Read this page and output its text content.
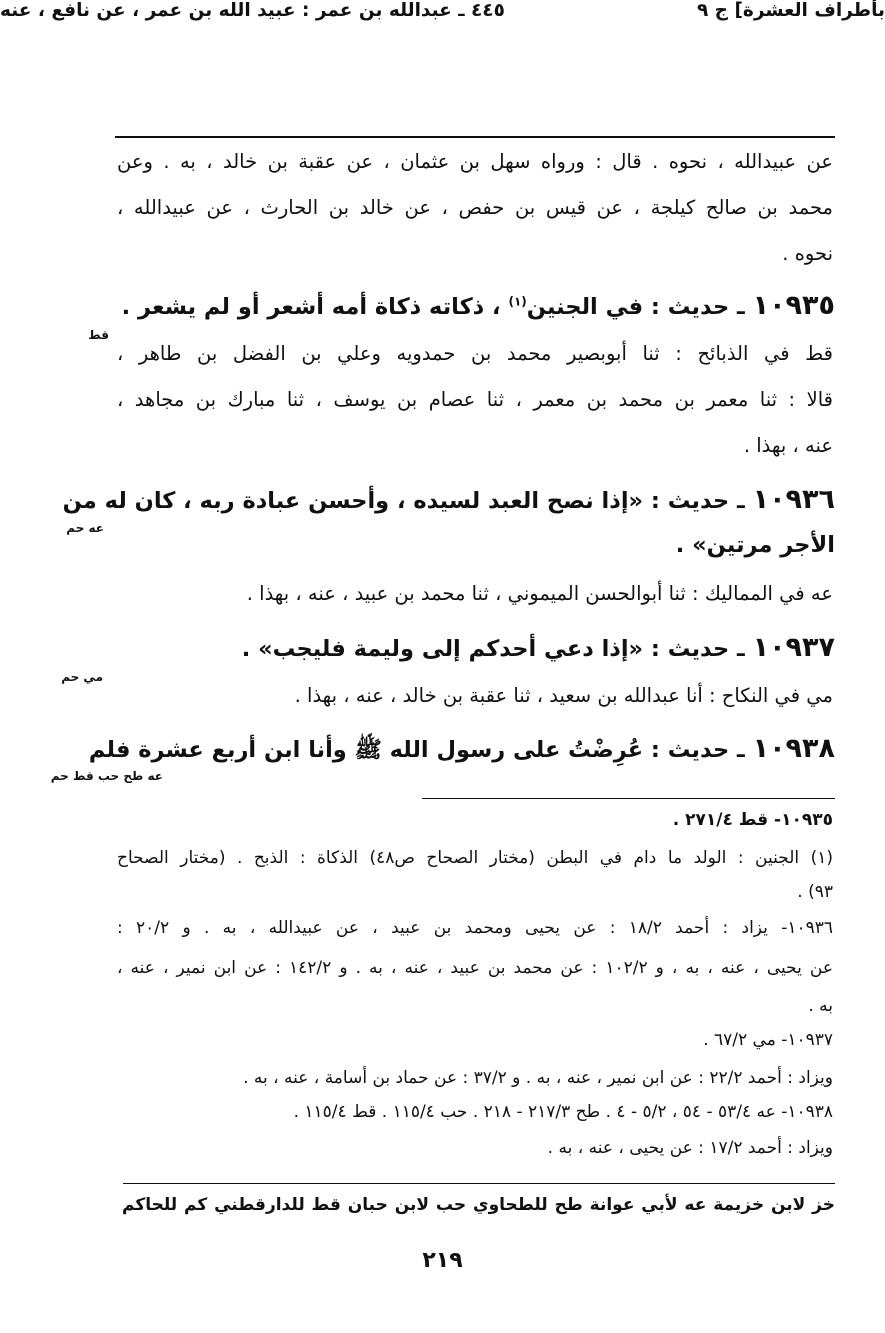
بأطراف العشرة] ج ٩
٤٤٥ ـ عبدالله بن عمر : عبيد الله بن عمر ، عن نافع ، عنه
عن عبيدالله ، نحوه . قال : ورواه سهل بن عثمان ، عن عقبة بن خالد ، به . وعن
محمد بن صالح كيلجة ، عن قيس بن حفص ، عن خالد بن الحارث ، عن عبيدالله ،
نحوه .
١٠٩٣٥ ـ حديث : في الجنين$^{(١)}$ ، ذكاته ذكاة أمه أشعر أو لم يشعر .
قط
قط في الذبائح : ثنا أبوبصير محمد بن حمدويه وعلي بن الفضل بن طاهر ،
قالا : ثنا معمر بن محمد بن معمر ، ثنا عصام بن يوسف ، ثنا مبارك بن مجاهد ،
عنه ، بهذا .
١٠٩٣٦ ـ حديث : «إذا نصح العبد لسيده ، وأحسن عبادة ربه ، كان له من
عه حم
الأجر مرتين» .
عه في المماليك : ثنا أبوالحسن الميموني ، ثنا محمد بن عبيد ، عنه ، بهذا .
١٠٩٣٧ ـ حديث : «إذا دعي أحدكم إلى وليمة فليجب» .
مي حم
مي في النكاح : أنا عبدالله بن سعيد ، ثنا عقبة بن خالد ، عنه ، بهذا .
١٠٩٣٨ ـ حديث : عُرِضْتُ على رسول الله ﷺ وأنا ابن أربع عشرة فلم
عه طح حب قط حم
١٠٩٣٥- قط ٢٧١/٤ .
(١) الجنين : الولد ما دام في البطن (مختار الصحاح ص٤٨) الذكاة : الذبح . (مختار الصحاح
٩٣) .
١٠٩٣٦- يزاد : أحمد ١٨/٢ : عن يحيى ومحمد بن عبيد ، عن عبيدالله ، به . و ٢٠/٢ :
عن يحيى ، عنه ، به ، و ١٠٢/٢ : عن محمد بن عبيد ، عنه ، به . و ١٤٢/٢ : عن ابن نمير ، عنه ،
به .
١٠٩٣٧- مي ٦٧/٢ .
ويزاد : أحمد ٢٢/٢ : عن ابن نمير ، عنه ، به . و ٣٧/٢ : عن حماد بن أسامة ، عنه ، به .
١٠٩٣٨- عه ٥٣/٤ - ٥٤ ، ٥/٢ - ٤ . طح ٢١٧/٣ - ٢١٨ . حب ١١٥/٤ . قط ١١٥/٤ .
ويزاد : أحمد ١٧/٢ : عن يحيى ، عنه ، به .
خز لابن خزيمة عه لأبي عوانة طح للطحاوي حب لابن حبان قط للدارقطني كم للحاكم
٢١٩
